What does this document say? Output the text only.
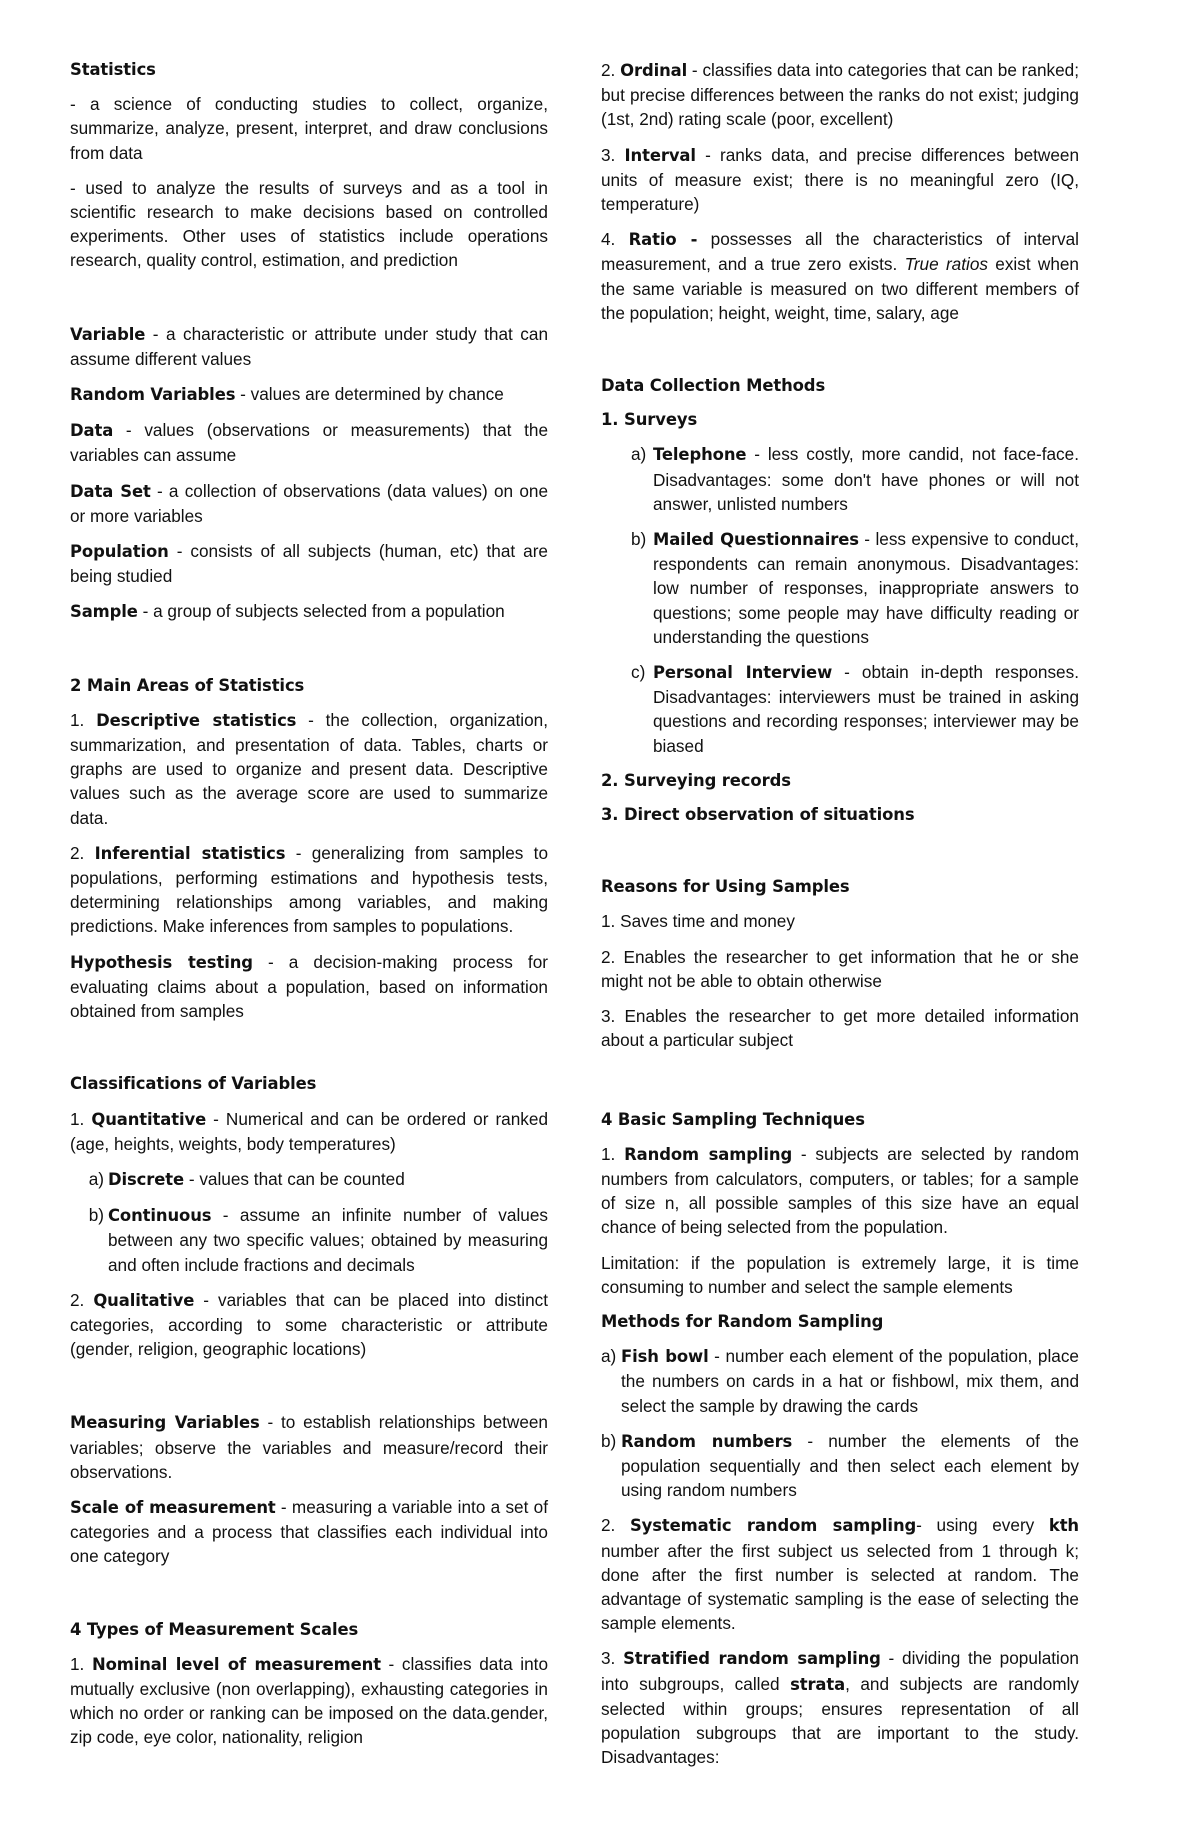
Statistics

- a science of conducting studies to collect, organize, summarize, analyze, present, interpret, and draw conclusions from data

- used to analyze the results of surveys and as a tool in scientific research to make decisions based on controlled experiments. Other uses of statistics include operations research, quality control, estimation, and prediction

Variable - a characteristic or attribute under study that can assume different values

Random Variables - values are determined by chance

Data - values (observations or measurements) that the variables can assume

Data Set - a collection of observations (data values) on one or more variables

Population - consists of all subjects (human, etc) that are being studied

Sample - a group of subjects selected from a population

2 Main Areas of Statistics

1. Descriptive statistics - the collection, organization, summarization, and presentation of data. Tables, charts or graphs are used to organize and present data. Descriptive values such as the average score are used to summarize data.

2. Inferential statistics - generalizing from samples to populations, performing estimations and hypothesis tests, determining relationships among variables, and making predictions. Make inferences from samples to populations.

Hypothesis testing - a decision-making process for evaluating claims about a population, based on information obtained from samples

Classifications of Variables

1. Quantitative - Numerical and can be ordered or ranked (age, heights, weights, body temperatures)

a) Discrete - values that can be counted
b) Continuous - assume an infinite number of values between any two specific values; obtained by measuring and often include fractions and decimals

2. Qualitative - variables that can be placed into distinct categories, according to some characteristic or attribute (gender, religion, geographic locations)

Measuring Variables - to establish relationships between variables; observe the variables and measure/record their observations.

Scale of measurement - measuring a variable into a set of categories and a process that classifies each individual into one category

4 Types of Measurement Scales

1. Nominal level of measurement - classifies data into mutually exclusive (non overlapping), exhausting categories in which no order or ranking can be imposed on the data.gender, zip code, eye color, nationality, religion

2. Ordinal - classifies data into categories that can be ranked; but precise differences between the ranks do not exist; judging (1st, 2nd) rating scale (poor, excellent)

3. Interval - ranks data, and precise differences between units of measure exist; there is no meaningful zero (IQ, temperature)

4. Ratio - possesses all the characteristics of interval measurement, and a true zero exists. True ratios exist when the same variable is measured on two different members of the population; height, weight, time, salary, age

Data Collection Methods
1. Surveys
a) Telephone - less costly, more candid, not face-face. Disadvantages: some don't have phones or will not answer, unlisted numbers
b) Mailed Questionnaires - less expensive to conduct, respondents can remain anonymous. Disadvantages: low number of responses, inappropriate answers to questions; some people may have difficulty reading or understanding the questions
c) Personal Interview - obtain in-depth responses. Disadvantages: interviewers must be trained in asking questions and recording responses; interviewer may be biased
2. Surveying records
3. Direct observation of situations
Reasons for Using Samples

1. Saves time and money

2. Enables the researcher to get information that he or she might not be able to obtain otherwise

3. Enables the researcher to get more detailed information about a particular subject

4 Basic Sampling Techniques

1. Random sampling - subjects are selected by random numbers from calculators, computers, or tables; for a sample of size n, all possible samples of this size have an equal chance of being selected from the population.

Limitation: if the population is extremely large, it is time consuming to number and select the sample elements

Methods for Random Sampling
a) Fish bowl - number each element of the population, place the numbers on cards in a hat or fishbowl, mix them, and select the sample by drawing the cards
b) Random numbers - number the elements of the population sequentially and then select each element by using random numbers

2. Systematic random sampling- using every kth number after the first subject us selected from 1 through k; done after the first number is selected at random. The advantage of systematic sampling is the ease of selecting the sample elements.

3. Stratified random sampling - dividing the population into subgroups, called strata, and subjects are randomly selected within groups; ensures representation of all population subgroups that are important to the study. Disadvantages:
